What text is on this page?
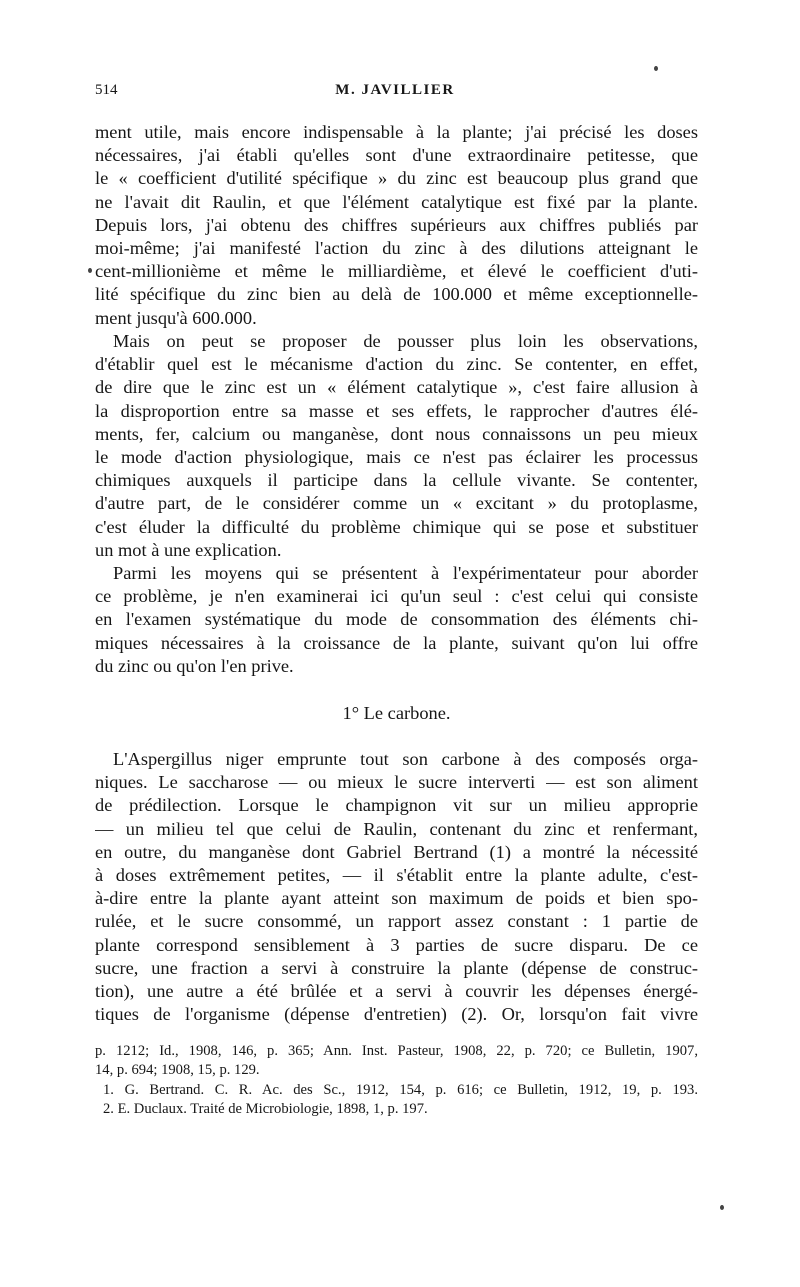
514	M. JAVILLIER
ment utile, mais encore indispensable à la plante; j'ai précisé les doses
nécessaires, j'ai établi qu'elles sont d'une extraordinaire petitesse, que
le « coefficient d'utilité spécifique » du zinc est beaucoup plus grand que
ne l'avait dit Raulin, et que l'élément catalytique est fixé par la plante.
Depuis lors, j'ai obtenu des chiffres supérieurs aux chiffres publiés par
moi-même; j'ai manifesté l'action du zinc à des dilutions atteignant le
cent-millionième et même le milliardième, et élevé le coefficient d'uti-
lité spécifique du zinc bien au delà de 100.000 et même exceptionnelle-
ment jusqu'à 600.000.
Mais on peut se proposer de pousser plus loin les observations,
d'établir quel est le mécanisme d'action du zinc. Se contenter, en effet,
de dire que le zinc est un « élément catalytique », c'est faire allusion à
la disproportion entre sa masse et ses effets, le rapprocher d'autres élé-
ments, fer, calcium ou manganèse, dont nous connaissons un peu mieux
le mode d'action physiologique, mais ce n'est pas éclairer les processus
chimiques auxquels il participe dans la cellule vivante. Se contenter,
d'autre part, de le considérer comme un « excitant » du protoplasme,
c'est éluder la difficulté du problème chimique qui se pose et substituer
un mot à une explication.
Parmi les moyens qui se présentent à l'expérimentateur pour aborder
ce problème, je n'en examinerai ici qu'un seul : c'est celui qui consiste
en l'examen systématique du mode de consommation des éléments chi-
miques nécessaires à la croissance de la plante, suivant qu'on lui offre
du zinc ou qu'on l'en prive.
1° Le carbone.
L'Aspergillus niger emprunte tout son carbone à des composés orga-
niques. Le saccharose — ou mieux le sucre interverti — est son aliment
de prédilection. Lorsque le champignon vit sur un milieu approprie
— un milieu tel que celui de Raulin, contenant du zinc et renfermant,
en outre, du manganèse dont Gabriel Bertrand (1) a montré la nécessité
à doses extrêmement petites, — il s'établit entre la plante adulte, c'est-
à-dire entre la plante ayant atteint son maximum de poids et bien spo-
rulée, et le sucre consommé, un rapport assez constant : 1 partie de
plante correspond sensiblement à 3 parties de sucre disparu. De ce
sucre, une fraction a servi à construire la plante (dépense de construc-
tion), une autre a été brûlée et a servi à couvrir les dépenses énergé-
tiques de l'organisme (dépense d'entretien) (2). Or, lorsqu'on fait vivre
p. 1212; Id., 1908, 146, p. 365; Ann. Inst. Pasteur, 1908, 22, p. 720; ce Bulletin, 1907,
14, p. 694; 1908, 15, p. 129.
1. G. Bertrand. C. R. Ac. des Sc., 1912, 154, p. 616; ce Bulletin, 1912, 19, p. 193.
2. E. Duclaux. Traité de Microbiologie, 1898, 1, p. 197.
